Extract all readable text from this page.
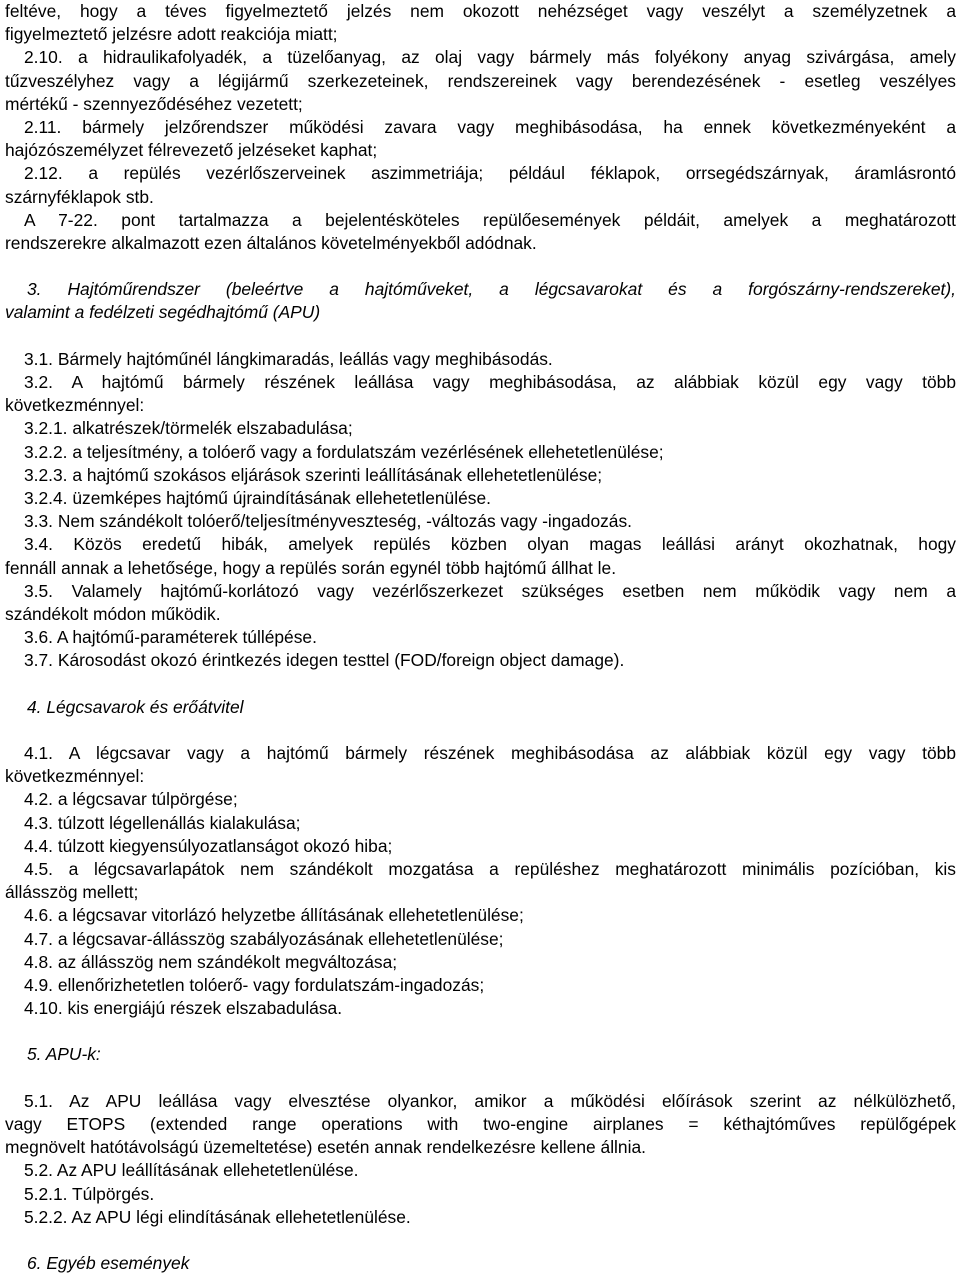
feltéve, hogy a téves figyelmeztető jelzés nem okozott nehézséget vagy veszélyt a személyzetnek a
figyelmeztető jelzésre adott reakciója miatt;
2.10. a hidraulikafolyadék, a tüzelőanyag, az olaj vagy bármely más folyékony anyag szivárgása, amely
tűzveszélyhez vagy a légijármű szerkezeteinek, rendszereinek vagy berendezésének - esetleg veszélyes
mértékű - szennyeződéséhez vezetett;
2.11. bármely jelzőrendszer működési zavara vagy meghibásodása, ha ennek következményeként a
hajózószemélyzet félrevezető jelzéseket kaphat;
2.12. a repülés vezérlőszerveinek aszimmetriája; például féklapok, orrsegédszárnyak, áramlásrontó
szárnyféklapok stb.
A 7-22. pont tartalmazza a bejelentésköteles repülőesemények példáit, amelyek a meghatározott
rendszerekre alkalmazott ezen általános követelményekből adódnak.
3. Hajtóműrendszer (beleértve a hajtóműveket, a légcsavarokat és a forgószárny-rendszereket),
valamint a fedélzeti segédhajtómű (APU)
3.1. Bármely hajtóműnél lángkimaradás, leállás vagy meghibásodás.
3.2. A hajtómű bármely részének leállása vagy meghibásodása, az alábbiak közül egy vagy több
következménnyel:
3.2.1. alkatrészek/törmelék elszabadulása;
3.2.2. a teljesítmény, a tolóerő vagy a fordulatszám vezérlésének ellehetetlenülése;
3.2.3. a hajtómű szokásos eljárások szerinti leállításának ellehetetlenülése;
3.2.4. üzemképes hajtómű újraindításának ellehetetlenülése.
3.3. Nem szándékolt tolóerő/teljesítményveszteség, -változás vagy -ingadozás.
3.4. Közös eredetű hibák, amelyek repülés közben olyan magas leállási arányt okozhatnak, hogy
fennáll annak a lehetősége, hogy a repülés során egynél több hajtómű állhat le.
3.5. Valamely hajtómű-korlátozó vagy vezérlőszerkezet szükséges esetben nem működik vagy nem a
szándékolt módon működik.
3.6. A hajtómű-paraméterek túllépése.
3.7. Károsodást okozó érintkezés idegen testtel (FOD/foreign object damage).
4. Légcsavarok és erőátvitel
4.1. A légcsavar vagy a hajtómű bármely részének meghibásodása az alábbiak közül egy vagy több
következménnyel:
4.2. a légcsavar túlpörgése;
4.3. túlzott légellenállás kialakulása;
4.4. túlzott kiegyensúlyozatlanságot okozó hiba;
4.5. a légcsavarlapátok nem szándékolt mozgatása a repüléshez meghatározott minimális pozícióban, kis
állásszög mellett;
4.6. a légcsavar vitorlázó helyzetbe állításának ellehetetlenülése;
4.7. a légcsavar-állásszög szabályozásának ellehetetlenülése;
4.8. az állásszög nem szándékolt megváltozása;
4.9. ellenőrizhetetlen tolóerő- vagy fordulatszám-ingadozás;
4.10. kis energiájú részek elszabadulása.
5. APU-k:
5.1. Az APU leállása vagy elvesztése olyankor, amikor a működési előírások szerint az nélkülözhető,
vagy ETOPS (extended range operations with two-engine airplanes = kéthajtóműves repülőgépek
megnövelt hatótávolságú üzemeltetése) esetén annak rendelkezésre kellene állnia.
5.2. Az APU leállításának ellehetetlenülése.
5.2.1. Túlpörgés.
5.2.2. Az APU légi elindításának ellehetetlenülése.
6. Egyéb események
